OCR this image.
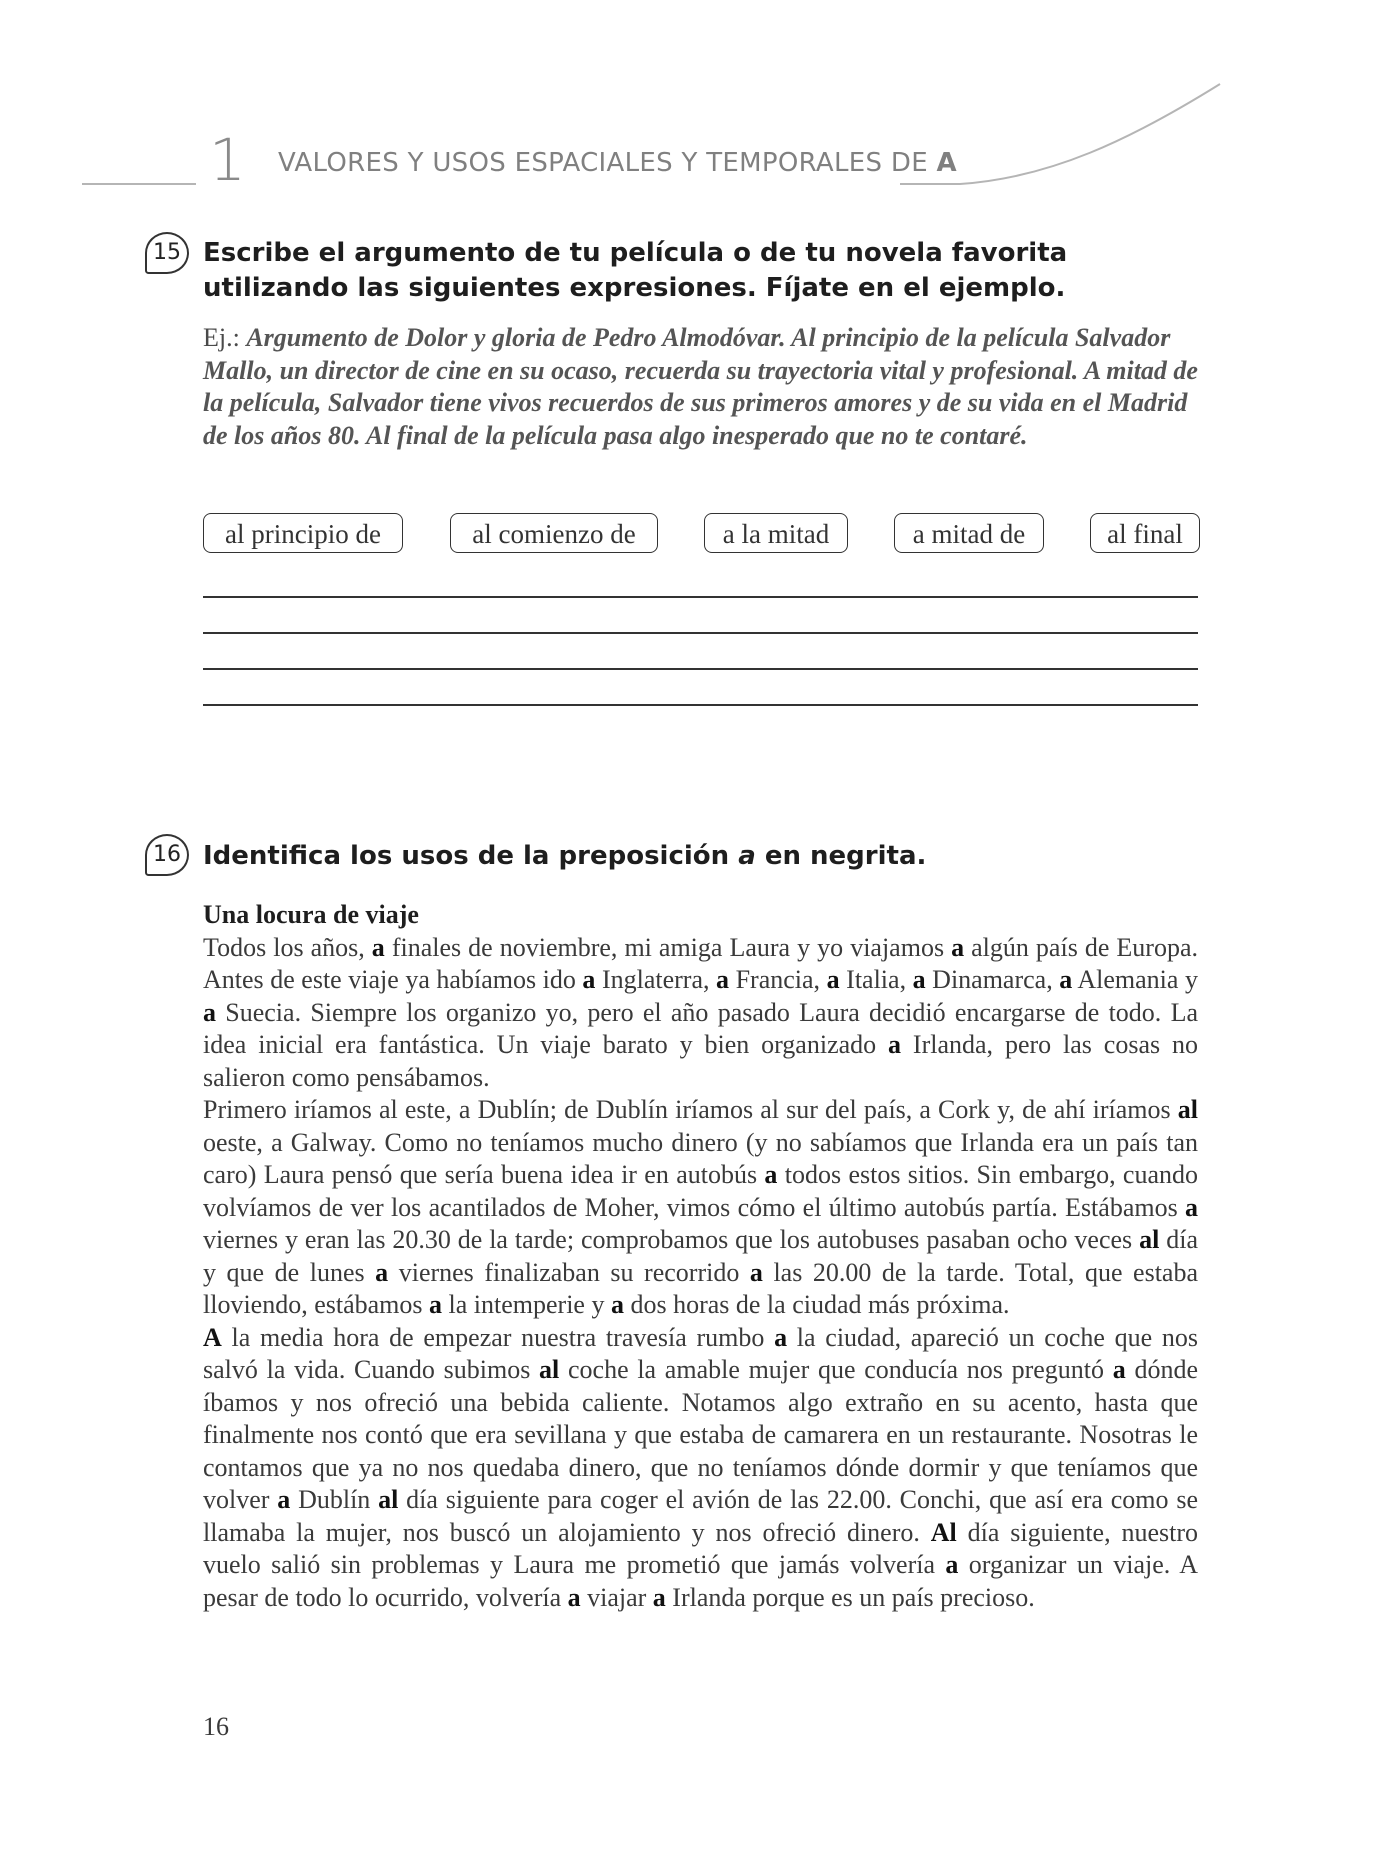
1 VALORES Y USOS ESPACIALES Y TEMPORALES DE A
15 Escribe el argumento de tu película o de tu novela favorita utilizando las siguientes expresiones. Fíjate en el ejemplo.
Ej.: Argumento de Dolor y gloria de Pedro Almodóvar. Al principio de la película Salvador Mallo, un director de cine en su ocaso, recuerda su trayectoria vital y profesional. A mitad de la película, Salvador tiene vivos recuerdos de sus primeros amores y de su vida en el Madrid de los años 80. Al final de la película pasa algo inesperado que no te contaré.
al principio de	al comienzo de	a la mitad	a mitad de	al final
16 Identifica los usos de la preposición a en negrita.
Una locura de viaje

Todos los años, a finales de noviembre, mi amiga Laura y yo viajamos a algún país de Europa. Antes de este viaje ya habíamos ido a Inglaterra, a Francia, a Italia, a Dinamarca, a Alemania y a Suecia. Siempre los organizo yo, pero el año pasado Laura decidió encargarse de todo. La idea inicial era fantástica. Un viaje barato y bien organizado a Irlanda, pero las cosas no salieron como pensábamos.

Primero iríamos al este, a Dublín; de Dublín iríamos al sur del país, a Cork y, de ahí iríamos al oeste, a Galway. Como no teníamos mucho dinero (y no sabíamos que Irlanda era un país tan caro) Laura pensó que sería buena idea ir en autobús a todos estos sitios. Sin embargo, cuando volvíamos de ver los acantilados de Moher, vimos cómo el último autobús partía. Estábamos a viernes y eran las 20.30 de la tarde; comprobamos que los autobuses pasaban ocho veces al día y que de lunes a viernes finalizaban su recorrido a las 20.00 de la tarde. Total, que estaba lloviendo, estábamos a la intemperie y a dos horas de la ciudad más próxima.

A la media hora de empezar nuestra travesía rumbo a la ciudad, apareció un coche que nos salvó la vida. Cuando subimos al coche la amable mujer que conducía nos preguntó a dónde íbamos y nos ofreció una bebida caliente. Notamos algo extraño en su acento, hasta que finalmente nos contó que era sevillana y que estaba de camarera en un restaurante. Nosotras le contamos que ya no nos quedaba dinero, que no teníamos dónde dormir y que teníamos que volver a Dublín al día siguiente para coger el avión de las 22.00. Conchi, que así era como se llamaba la mujer, nos buscó un alojamiento y nos ofreció dinero. Al día siguiente, nuestro vuelo salió sin problemas y Laura me prometió que jamás volvería a organizar un viaje. A pesar de todo lo ocurrido, volvería a viajar a Irlanda porque es un país precioso.

16
